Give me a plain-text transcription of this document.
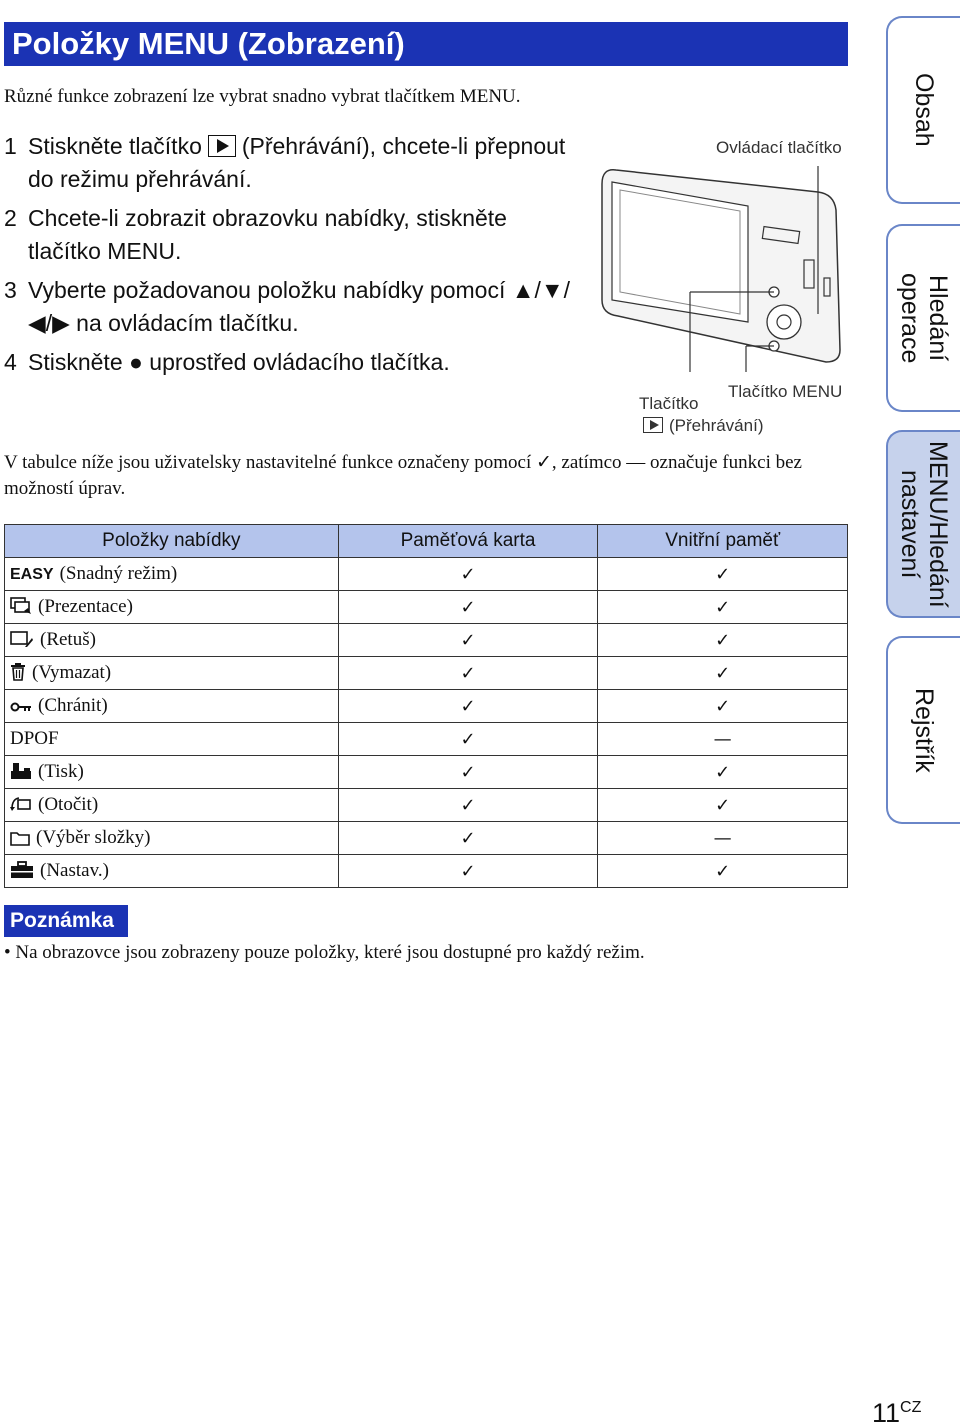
Položky MENU (Zobrazení)

Různé funkce zobrazení lze vybrat snadno vybrat tlačítkem MENU.

1 Stiskněte tlačítko (Přehrávání), chcete-li přepnout do režimu přehrávání.
2 Chcete-li zobrazit obrazovku nabídky, stiskněte tlačítko MENU.
3 Vyberte požadovanou položku nabídky pomocí ▲/▼/◀/▶ na ovládacím tlačítku.
4 Stiskněte ● uprostřed ovládacího tlačítka.
Ovládací tlačítko
Tlačítko MENU
Tlačítko
(Přehrávání)

V tabulce níže jsou uživatelsky nastavitelné funkce označeny pomocí ✓, zatímco — označuje funkci bez možností úprav.

Položky nabídky	Paměťová karta	Vnitřní paměť
EASY (Snadný režim)	✓	✓
(Prezentace)	✓	✓
(Retuš)	✓	✓
(Vymazat)	✓	✓
(Chránit)	✓	✓
DPOF	✓	—
(Tisk)	✓	✓
(Otočit)	✓	✓
(Výběr složky)	✓	—
(Nastav.)	✓	✓
Poznámka

• Na obrazovce jsou zobrazeny pouze položky, které jsou dostupné pro každý režim.

Obsah
Hledání
operace
MENU/Hledání
nastavení
Rejstřík
$11^{CZ}$
